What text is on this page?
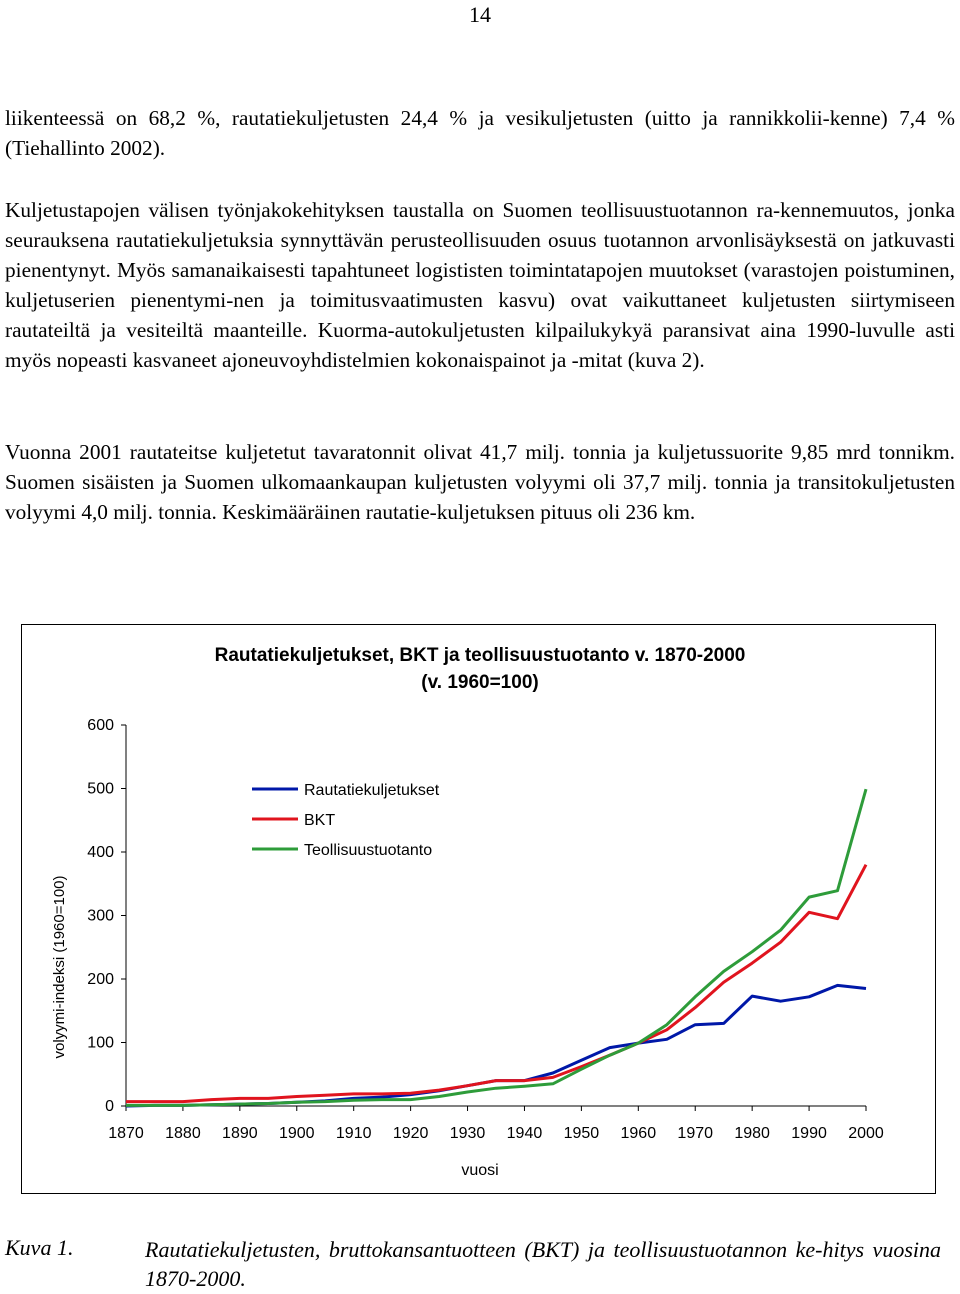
14

liikenteessä on 68,2 %, rautatiekuljetusten 24,4 % ja vesikuljetusten (uitto ja rannikkolii-kenne) 7,4 % (Tiehallinto 2002).

Kuljetustapojen välisen työnjakokehityksen taustalla on Suomen teollisuustuotannon ra-kennemuutos, jonka seurauksena rautatiekuljetuksia synnyttävän perusteollisuuden osuus tuotannon arvonlisäyksestä on jatkuvasti pienentynyt. Myös samanaikaisesti tapahtuneet logististen toimintatapojen muutokset (varastojen poistuminen, kuljetuserien pienentymi-nen ja toimitusvaatimusten kasvu) ovat vaikuttaneet kuljetusten siirtymiseen rautateiltä ja vesiteiltä maanteille. Kuorma-autokuljetusten kilpailukykyä paransivat aina 1990-luvulle asti myös nopeasti kasvaneet ajoneuvoyhdistelmien kokonaispainot ja -mitat (kuva 2).

Vuonna 2001 rautateitse kuljetetut tavaratonnit olivat 41,7 milj. tonnia ja kuljetussuorite 9,85 mrd tonnikm. Suomen sisäisten ja Suomen ulkomaankaupan kuljetusten volyymi oli 37,7 milj. tonnia ja transitokuljetusten volyymi 4,0 milj. tonnia. Keskimääräinen rautatie-kuljetuksen pituus oli 236 km.

Rautatiekuljetukset, BKT ja teollisuustuotanto v. 1870-2000
(v. 1960=100)
volyymi-indeksi (1960=100)
vuosi
0
100
200
300
400
500
600
1870 1880 1890 1900 1910 1920 1930 1940 1950 1960 1970 1980 1990 2000
Rautatiekuljetukset
BKT
Teollisuustuotanto
Kuva 1.	Rautatiekuljetusten, bruttokansantuotteen (BKT) ja teollisuustuotannon ke-hitys vuosina 1870-2000.
